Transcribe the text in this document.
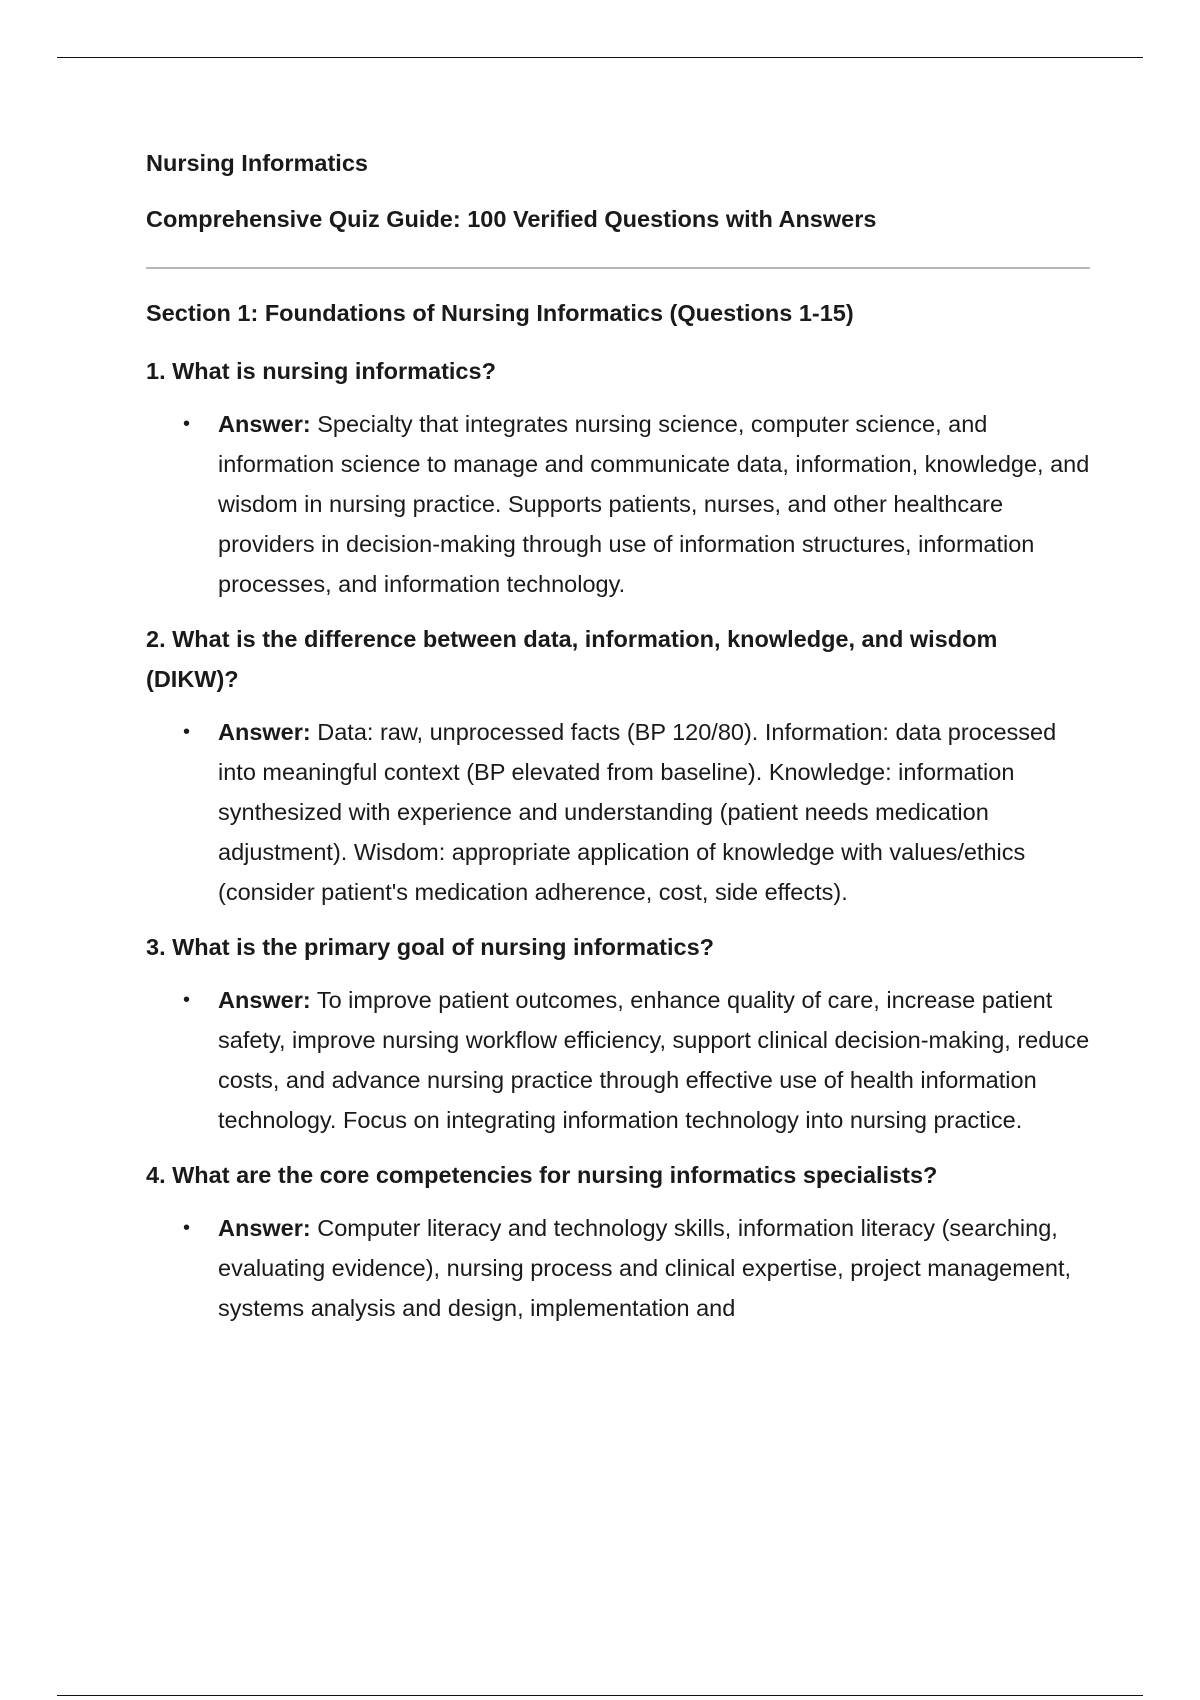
Nursing Informatics
Comprehensive Quiz Guide: 100 Verified Questions with Answers
Section 1: Foundations of Nursing Informatics (Questions 1-15)
1. What is nursing informatics?
• Answer: Specialty that integrates nursing science, computer science, and information science to manage and communicate data, information, knowledge, and wisdom in nursing practice. Supports patients, nurses, and other healthcare providers in decision-making through use of information structures, information processes, and information technology.
2. What is the difference between data, information, knowledge, and wisdom (DIKW)?
• Answer: Data: raw, unprocessed facts (BP 120/80). Information: data processed into meaningful context (BP elevated from baseline). Knowledge: information synthesized with experience and understanding (patient needs medication adjustment). Wisdom: appropriate application of knowledge with values/ethics (consider patient's medication adherence, cost, side effects).
3. What is the primary goal of nursing informatics?
• Answer: To improve patient outcomes, enhance quality of care, increase patient safety, improve nursing workflow efficiency, support clinical decision-making, reduce costs, and advance nursing practice through effective use of health information technology. Focus on integrating information technology into nursing practice.
4. What are the core competencies for nursing informatics specialists?
• Answer: Computer literacy and technology skills, information literacy (searching, evaluating evidence), nursing process and clinical expertise, project management, systems analysis and design, implementation and
